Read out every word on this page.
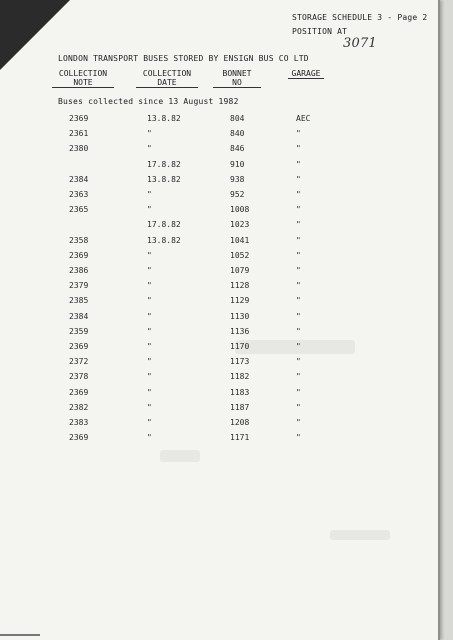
STORAGE SCHEDULE 3 - Page 2
POSITION AT
3071
LONDON TRANSPORT BUSES STORED BY ENSIGN BUS CO LTD
COLLECTION
NOTE
COLLECTION
DATE
BONNET
NO
GARAGE
Buses collected since 13 August 1982
2369	13.8.82	804	AEC
2361	"	840	"
2380	"	846	"
17.8.82	910	"
2384	13.8.82	938	"
2363	"	952	"
2365	"	1008	"
17.8.82	1023	"
2358	13.8.82	1041	"
2369	"	1052	"
2386	"	1079	"
2379	"	1128	"
2385	"	1129	"
2384	"	1130	"
2359	"	1136	"
2369	"	1170	"
2372	"	1173	"
2378	"	1182	"
2369	"	1183	"
2382	"	1187	"
2383	"	1208	"
2369	"	1171	"
